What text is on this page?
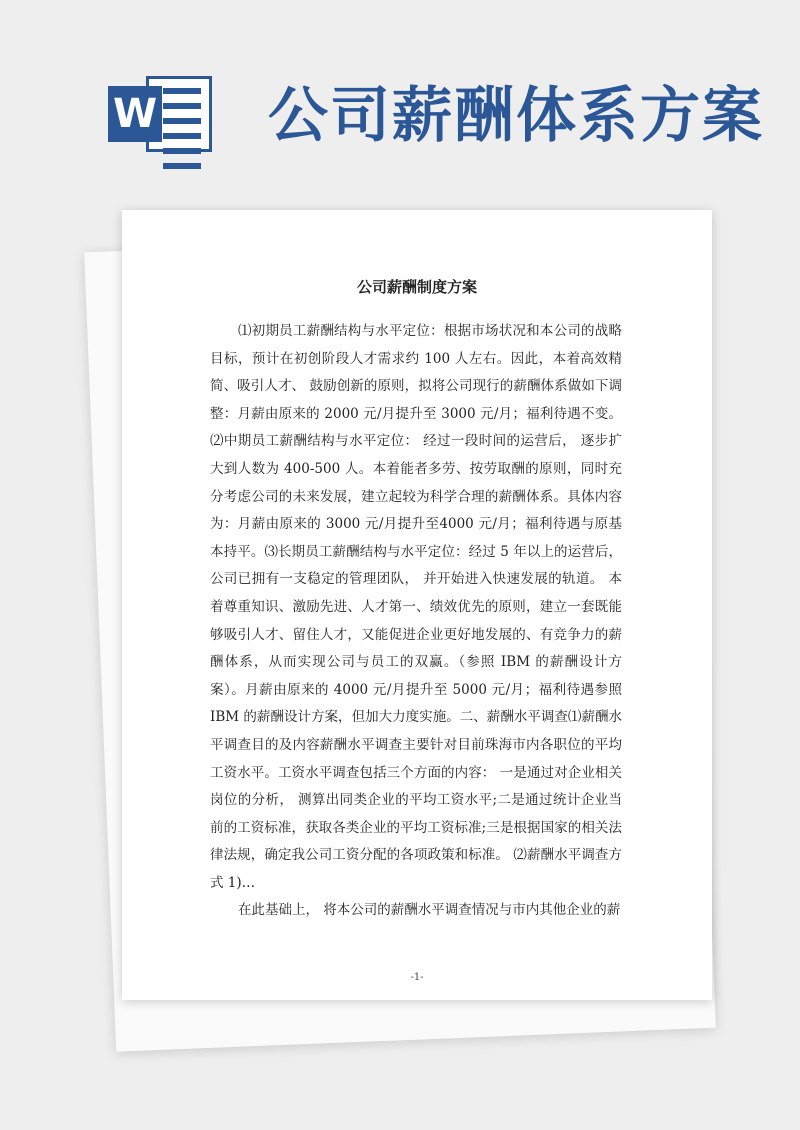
W 公司薪酬体系方案
公司薪酬制度方案

⑴初期员工薪酬结构与水平定位：根据市场状况和本公司的战略目标，预计在初创阶段人才需求约 100 人左右。因此，本着高效精简、吸引人才、 鼓励创新的原则，拟将公司现行的薪酬体系做如下调整：月薪由原来的 2000 元/月提升至 3000 元/月；福利待遇不变。 ⑵中期员工薪酬结构与水平定位： 经过一段时间的运营后， 逐步扩大到人数为 400-500 人。本着能者多劳、按劳取酬的原则，同时充分考虑公司的未来发展，建立起较为科学合理的薪酬体系。具体内容为：月薪由原来的 3000 元/月提升至4000 元/月；福利待遇与原基本持平。⑶长期员工薪酬结构与水平定位：经过 5 年以上的运营后，公司已拥有一支稳定的管理团队， 并开始进入快速发展的轨道。 本着尊重知识、激励先进、人才第一、绩效优先的原则，建立一套既能够吸引人才、留住人才，又能促进企业更好地发展的、有竞争力的薪酬体系，从而实现公司与员工的双赢。（参照 IBM 的薪酬设计方案）。月薪由原来的 4000 元/月提升至 5000 元/月；福利待遇参照 IBM 的薪酬设计方案，但加大力度实施。二、薪酬水平调查⑴薪酬水平调查目的及内容薪酬水平调查主要针对目前珠海市内各职位的平均工资水平。工资水平调查包括三个方面的内容： 一是通过对企业相关岗位的分析， 测算出同类企业的平均工资水平;二是通过统计企业当前的工资标准，获取各类企业的平均工资标准;三是根据国家的相关法律法规，确定我公司工资分配的各项政策和标准。 ⑵薪酬水平调查方式 1)…

在此基础上， 将本公司的薪酬水平调查情况与市内其他企业的薪

-1-
